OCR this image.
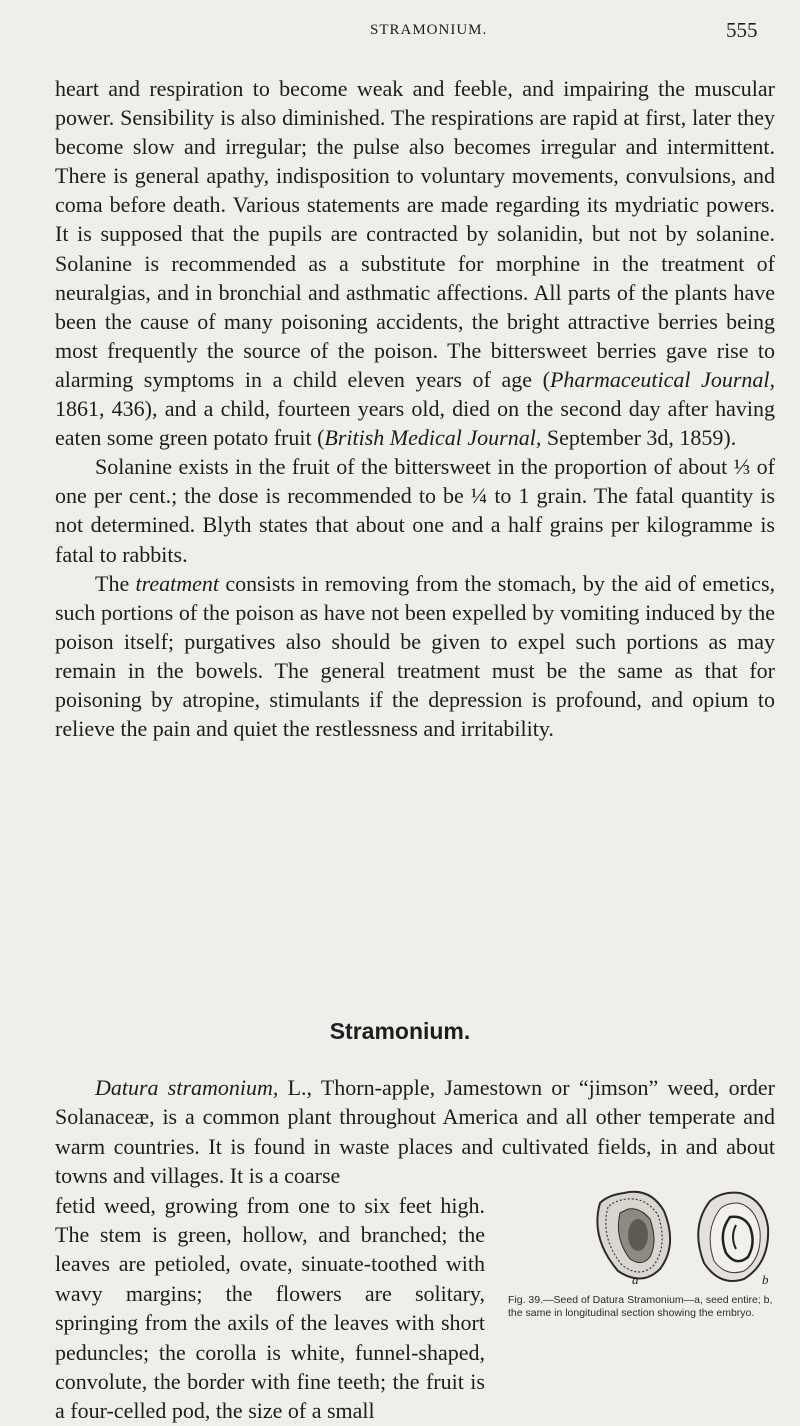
STRAMONIUM.	555

heart and respiration to become weak and feeble, and impairing the muscular power. Sensibility is also diminished. The respirations are rapid at first, later they become slow and irregular; the pulse also becomes irregular and intermittent. There is general apathy, indisposition to voluntary movements, convulsions, and coma before death. Various statements are made regarding its mydriatic powers. It is supposed that the pupils are contracted by solanidin, but not by solanine. Solanine is recommended as a substitute for morphine in the treatment of neuralgias, and in bronchial and asthmatic affections. All parts of the plants have been the cause of many poisoning accidents, the bright attractive berries being most frequently the source of the poison. The bittersweet berries gave rise to alarming symptoms in a child eleven years of age (Pharmaceutical Journal, 1861, 436), and a child, fourteen years old, died on the second day after having eaten some green potato fruit (British Medical Journal, September 3d, 1859).

Solanine exists in the fruit of the bittersweet in the proportion of about ⅓ of one per cent.; the dose is recommended to be ¼ to 1 grain. The fatal quantity is not determined. Blyth states that about one and a half grains per kilogramme is fatal to rabbits.

The treatment consists in removing from the stomach, by the aid of emetics, such portions of the poison as have not been expelled by vomiting induced by the poison itself; purgatives also should be given to expel such portions as may remain in the bowels. The general treatment must be the same as that for poisoning by atropine, stimulants if the depression is profound, and opium to relieve the pain and quiet the restlessness and irritability.

Stramonium.

Datura stramonium, L., Thorn-apple, Jamestown or “jimson” weed, order Solanaceæ, is a common plant throughout America and all other temperate and warm countries. It is found in waste places and cultivated fields, in and about towns and villages. It is a coarse

fetid weed, growing from one to six feet high. The stem is green, hollow, and branched; the leaves are petioled, ovate, sinuate-toothed with wavy margins; the flowers are solitary, springing from the axils of the leaves with short peduncles; the corolla is white, funnel-shaped, convolute, the border with fine teeth; the fruit is a four-celled pod, the size of a small

a	b
Fig. 39.—Seed of Datura Stramonium—a, seed entire; b, the same in longitudinal section showing the embryo.
